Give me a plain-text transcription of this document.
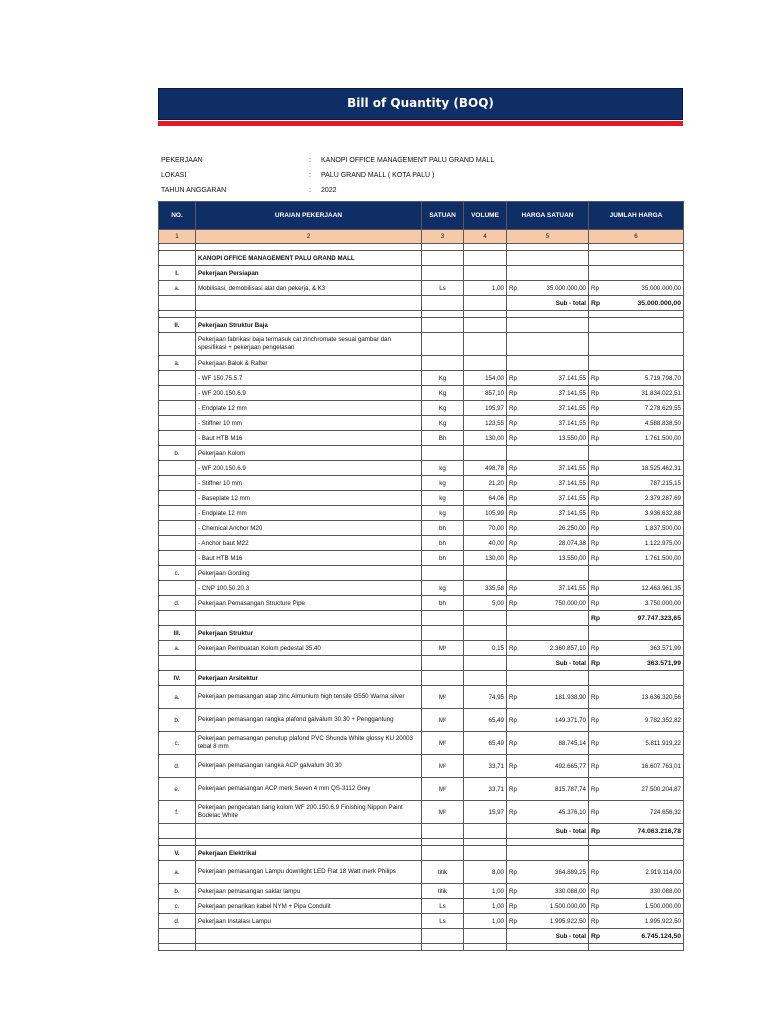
Bill of Quantity (BOQ)
PEKERJAAN	:	KANOPI OFFICE MANAGEMENT PALU GRAND MALL
LOKASI	:	PALU GRAND MALL ( KOTA PALU )
TAHUN ANGGARAN	:	2022
NO.	URAIAN PEKERJAAN	SATUAN	VOLUME	HARGA SATUAN	JUMLAH HARGA
1	2	3	4	5	6

	KANOPI OFFICE MANAGEMENT PALU GRAND MALL				
I.	Pekerjaan Persiapan				
a.	Mobilisasi, demobilisasi alat dan pekerja, & K3	Ls	1,00	Rp 35.000.000,00	Rp 35.000.000,00

				Sub - total	Rp 35.000.000,00

II.	Pekerjaan Struktur Baja				
	Pekerjaan fabrikasi baja termasuk cat zinchromate sesuai gambar dan spesifikasi + pekerjaan pengelasan				
a.	Pekerjaan Balok & Rafter				
	- WF 150.75.5.7	Kg	154,00	Rp 37.141,55	Rp 5.719.798,70

	- WF 200.150.6.9	Kg	857,10	Rp 37.141,55	Rp 31.834.022,51

	- Endplate 12 mm	Kg	195,97	Rp 37.141,55	Rp 7.278.629,55

	- Stiffner 10 mm	Kg	123,55	Rp 37.141,55	Rp 4.588.838,50

	- Baut HTB M16	Bh	130,00	Rp 13.550,00	Rp 1.761.500,00

b.	Pekerjaan Kolom				
	- WF 200.150.6.9	kg	498,78	Rp 37.141,55	Rp 18.525.462,31

	- Stiffner 10 mm	kg	21,20	Rp 37.141,55	Rp 787.215,15

	- Baseplate 12 mm	kg	64,06	Rp 37.141,55	Rp 2.379.287,69

	- Endplate 12 mm	kg	105,99	Rp 37.141,55	Rp 3.936.632,88

	- Chemical Anchor M20	bh	70,00	Rp 26.250,00	Rp 1.837.500,00

	- Anchor baut M22	bh	40,00	Rp 28.074,38	Rp 1.122.975,00

	- Baut HTB M16	bh	130,00	Rp 13.550,00	Rp 1.761.500,00

c.	Pekerjaan Gording				
	- CNP 100.50.20.3	kg	335,58	Rp 37.141,55	Rp 12.463.961,35

d.	Pekerjaan Pemasangan Structure Pipe	bh	5,00	Rp 750.000,00	Rp 3.750.000,00

					Rp 97.747.323,65

III.	Pekerjaan Struktur				
a.	Pekerjaan Pembuatan Kolom pedestal 35.40	M³	0,15	Rp 2.360.857,10	Rp 363.571,99

				Sub - total	Rp 363.571,99

IV.	Pekerjaan Arsitektur				
a.	Pekerjaan pemasangan atap zinc Almunium high tensile G550 Warna silver	M²	74,95	Rp 181.938,90	Rp 13.636.320,56

b.	Pekerjaan pemasangan rangka plafond galvalum 30.30 + Penggantung	M²	65,49	Rp 149.371,70	Rp 9.782.352,82

c.	Pekerjaan pemasangan penutup plafond PVC Shunda White glossy KU 20003 tebal 8 mm	M²	65,49	Rp 88.745,14	Rp 5.811.919,22

d.	Pekerjaan pemasangan rangka ACP galvalum 30.30	M²	33,71	Rp 492.665,77	Rp 16.607.763,01

e.	Pekerjaan pemasangan ACP merk Seven 4 mm QS-3112 Grey	M²	33,71	Rp 815.787,74	Rp 27.500.204,87

f.	Pekerjaan pengecatan tiang kolom WF 200.150.6.9 Finishing Nippon Paint Bodelac White	M²	15,97	Rp 45.376,10	Rp 724.656,32

				Sub - total	Rp 74.063.216,78

V.	Pekerjaan Elektrikal				
a.	Pekerjaan pemasangan Lampu downlight LED Flat 18 Watt merk Philips	titik	8,00	Rp 364.889,25	Rp 2.919.114,00

b.	Pekerjaan pemasangan saklar lampu	titik	1,00	Rp 330.088,00	Rp 330.088,00

c.	Pekerjaan penarikan kabel NYM + Pipa Condulit	Ls	1,00	Rp 1.500.000,00	Rp 1.500.000,00

d.	Pekerjaan Instalasi Lampu	Ls	1,00	Rp 1.995.922,50	Rp 1.995.922,50

				Sub - total	Rp 6.745.124,50
